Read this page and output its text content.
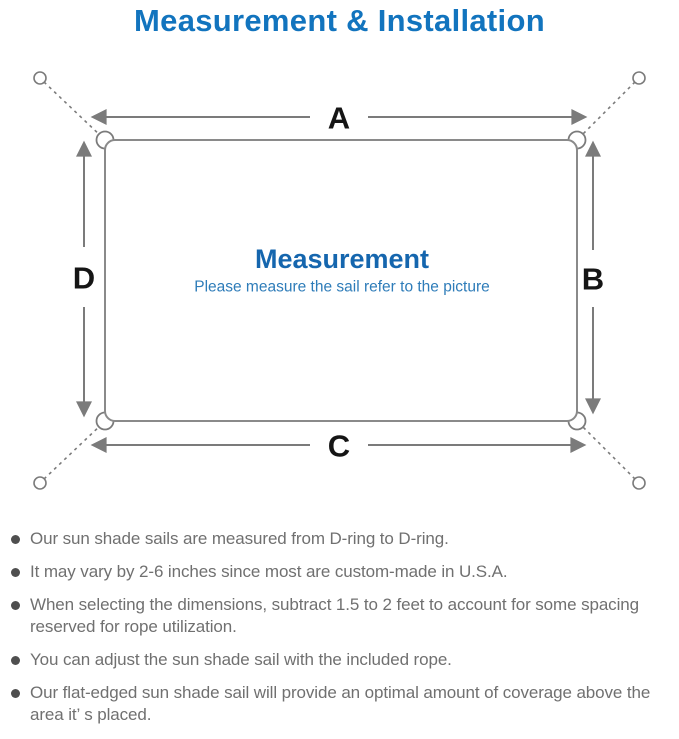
Measurement & Installation
A
B
C
D
Measurement
Please measure the sail refer to the picture
Our sun shade sails are measured from D-ring to D-ring.
It may vary by 2-6 inches since most are custom-made in U.S.A.
When selecting the dimensions, subtract 1.5 to 2 feet to account for some spacing reserved for rope utilization.
You can adjust the sun shade sail with the included rope.
Our flat-edged sun shade sail will provide an optimal amount of coverage above the area it’ s placed.
